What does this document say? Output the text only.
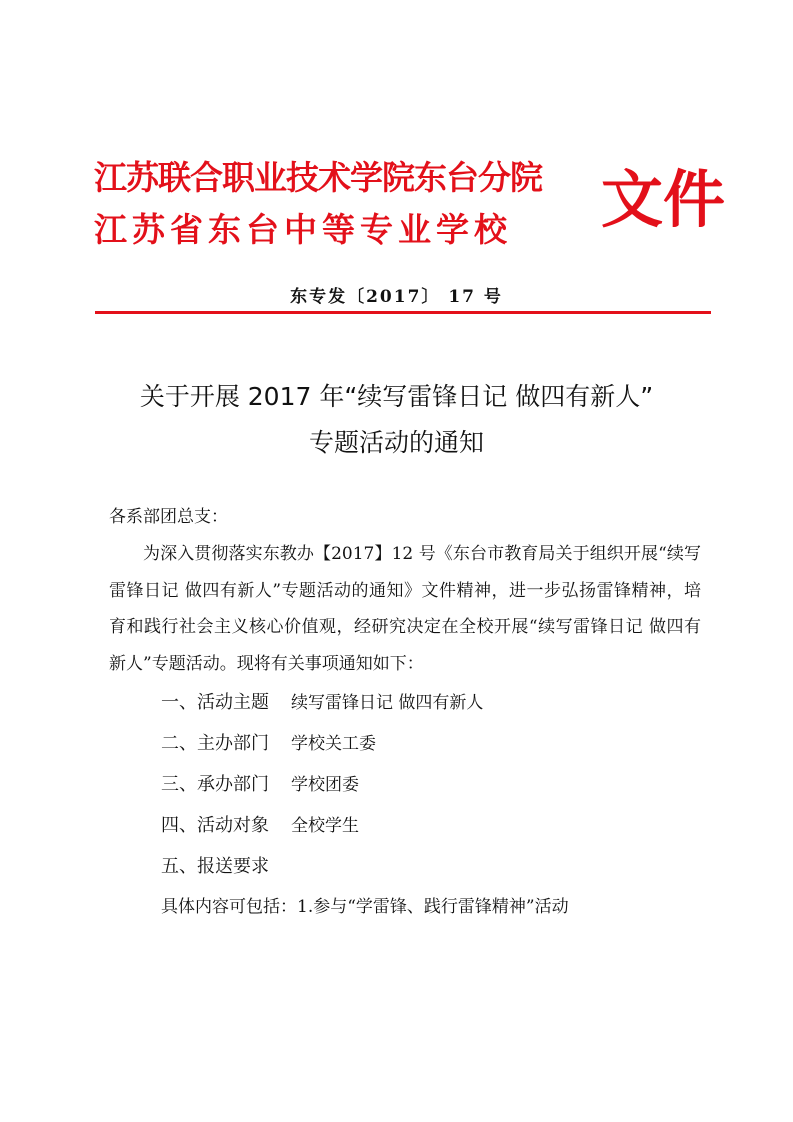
江苏联合职业技术学院东台分院
江苏省东台中等专业学校	文件
东专发〔2017〕 17 号
关于开展 2017 年“续写雷锋日记 做四有新人”
专题活动的通知
各系部团总支：
为深入贯彻落实东教办【2017】12 号《东台市教育局关于组织开展“续写雷锋日记 做四有新人”专题活动的通知》文件精神，进一步弘扬雷锋精神，培育和践行社会主义核心价值观，经研究决定在全校开展“续写雷锋日记 做四有新人”专题活动。现将有关事项通知如下：
一、活动主题 续写雷锋日记 做四有新人
二、主办部门 学校关工委
三、承办部门 学校团委
四、活动对象 全校学生
五、报送要求
具体内容可包括：1.参与“学雷锋、践行雷锋精神”活动
